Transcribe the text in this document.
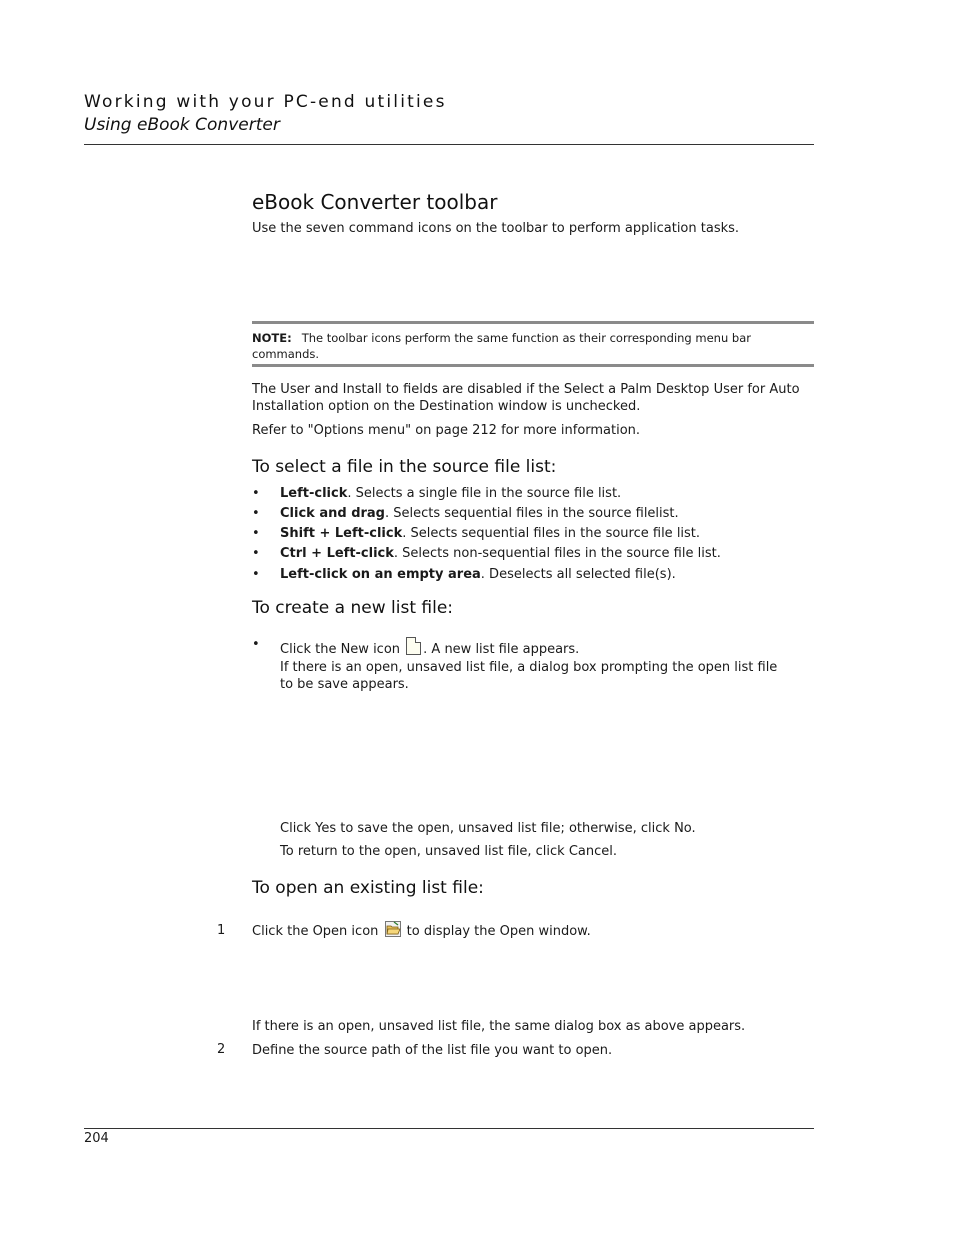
Working with your PC-end utilities
Using eBook Converter
eBook Converter toolbar
Use the seven command icons on the toolbar to perform application tasks.
NOTE: The toolbar icons perform the same function as their corresponding menu bar commands.
The User and Install to fields are disabled if the Select a Palm Desktop User for Auto Installation option on the Destination window is unchecked.
Refer to "Options menu" on page 212 for more information.
To select a file in the source file list:
• Left-click. Selects a single file in the source file list.
• Click and drag. Selects sequential files in the source filelist.
• Shift + Left-click. Selects sequential files in the source file list.
• Ctrl + Left-click. Selects non-sequential files in the source file list.
• Left-click on an empty area. Deselects all selected file(s).
To create a new list file:
• Click the New icon . A new list file appears.
If there is an open, unsaved list file, a dialog box prompting the open list file to be save appears.
Click Yes to save the open, unsaved list file; otherwise, click No.
To return to the open, unsaved list file, click Cancel.
To open an existing list file:
1 Click the Open icon to display the Open window.
If there is an open, unsaved list file, the same dialog box as above appears.
2 Define the source path of the list file you want to open.
204
